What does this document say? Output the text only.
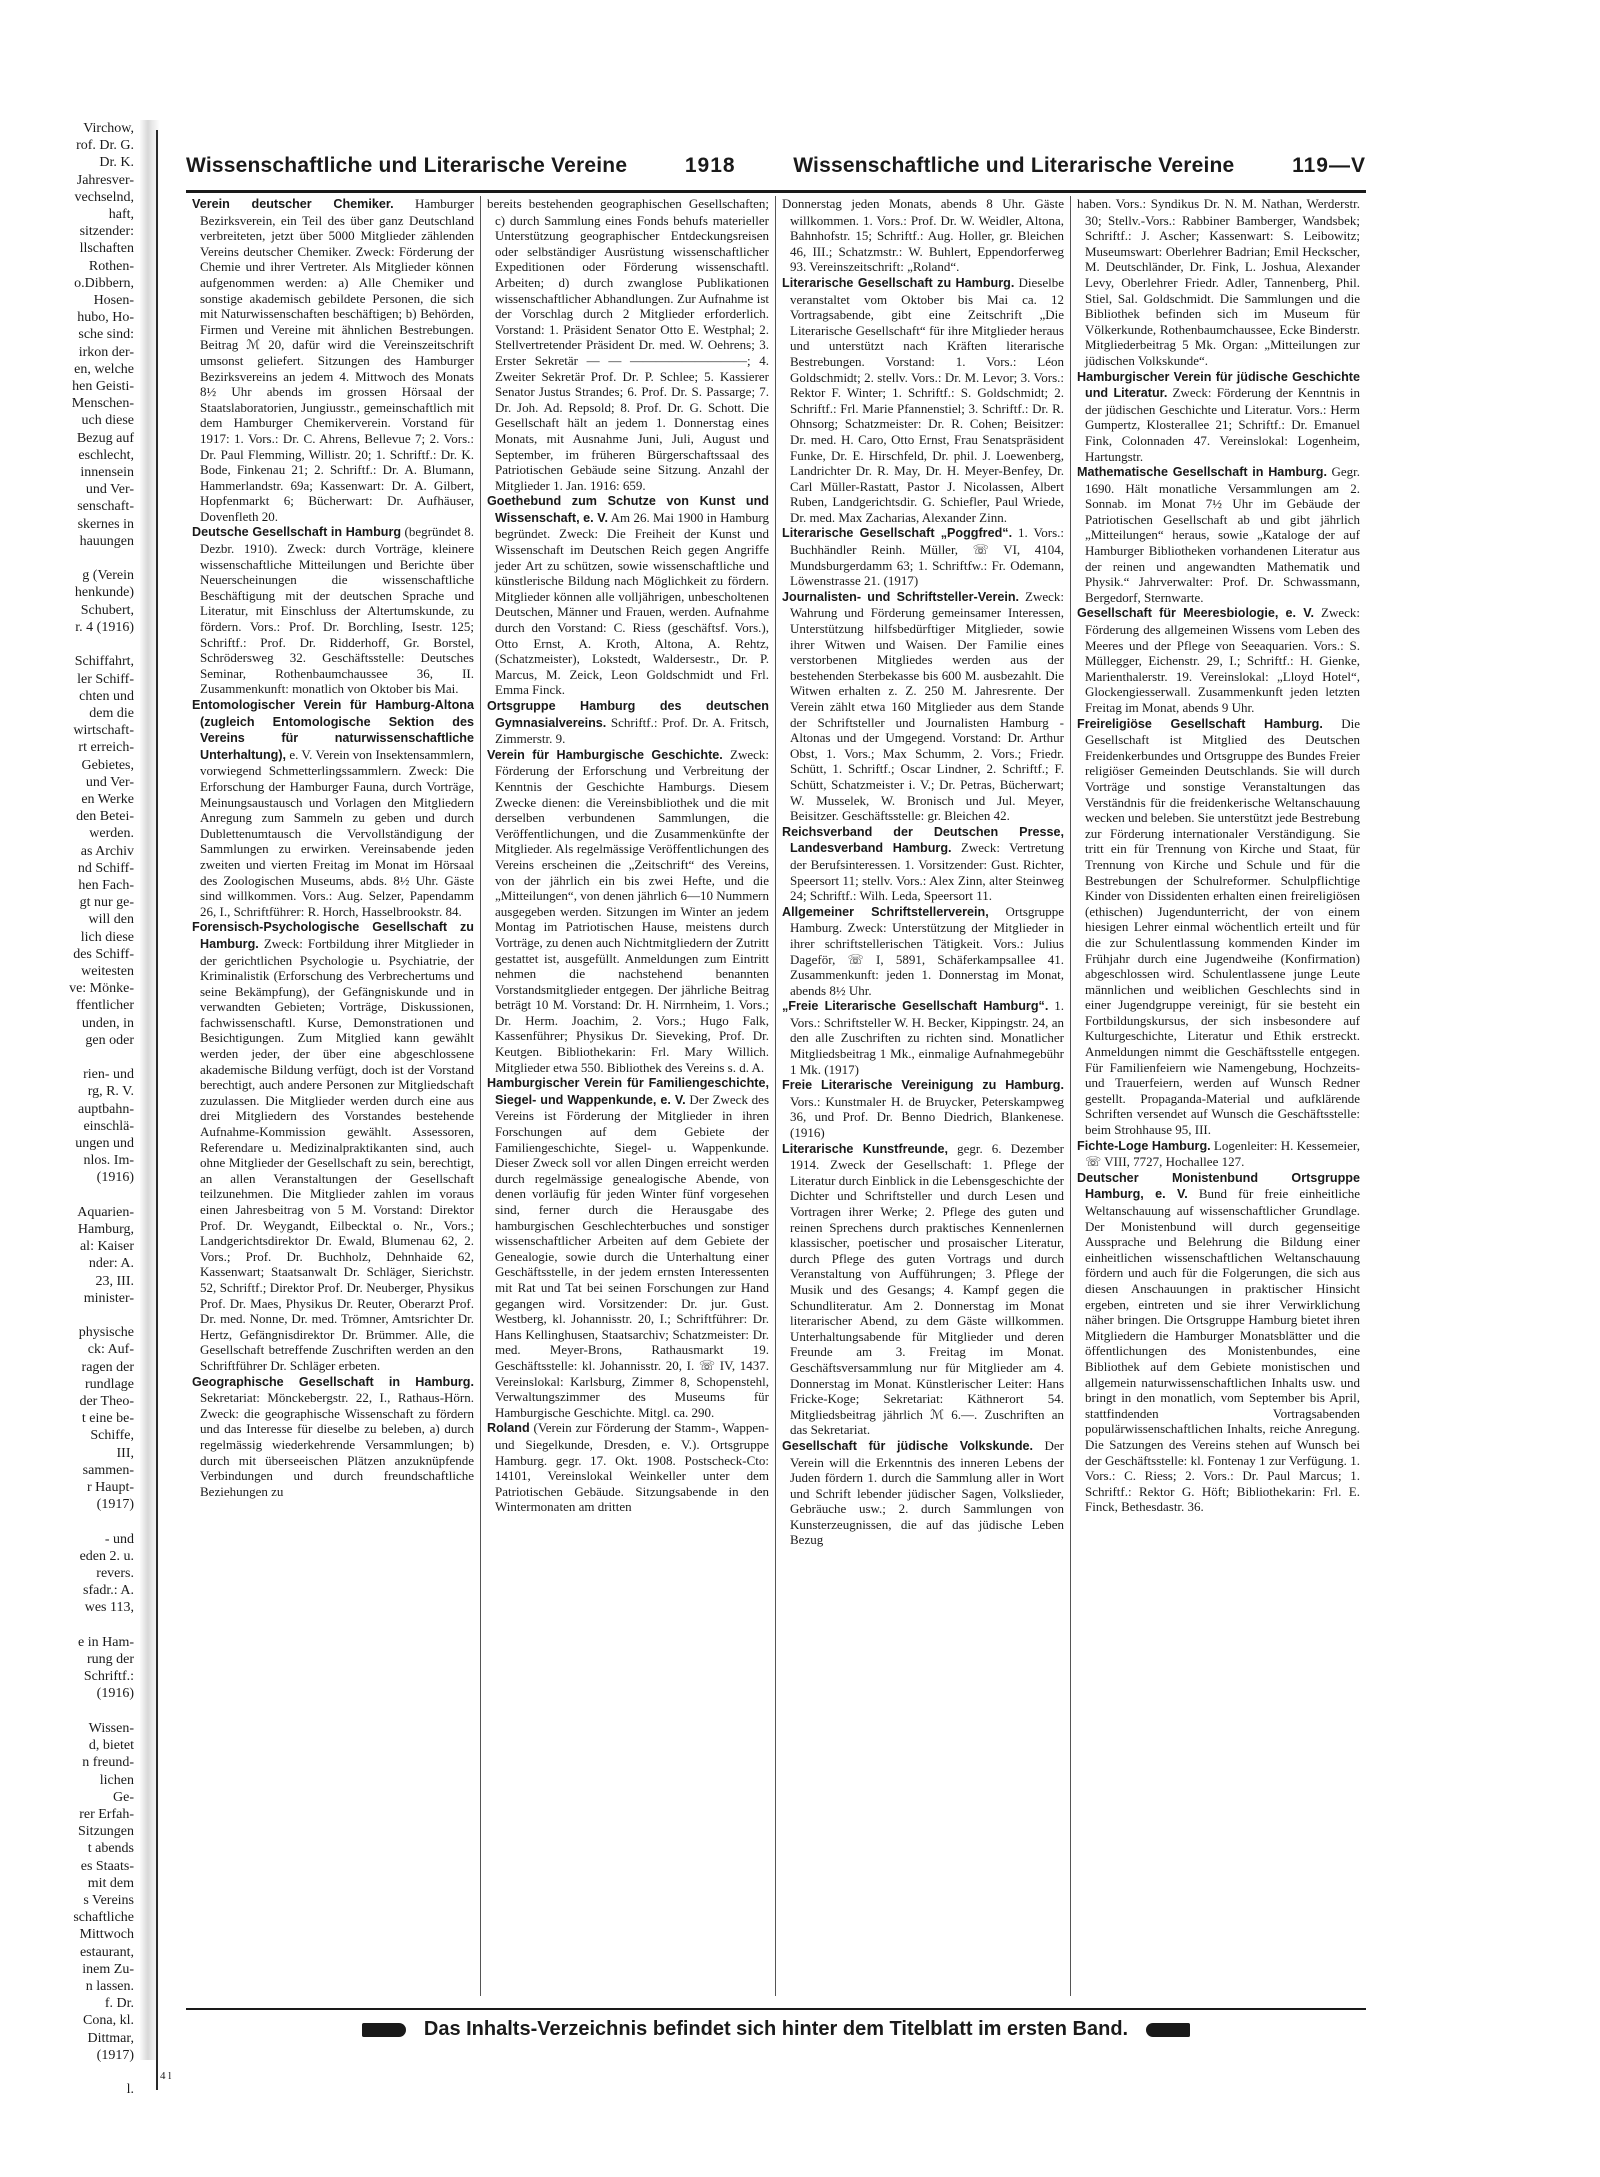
Virchow,
rof. Dr. G.
Dr. K.
Jahresver-
vechselnd,
haft,
sitzender:
llschaften
Rothen-
o.Dibbern,
Hosen-
hubo, Ho-
sche sind:
irkon der-
en, welche
hen Geisti-
Menschen-
uch diese
Bezug auf
eschlecht,
innensein
und Ver-
senschaft-
skernes in
hauungen

g (Verein
henkunde)
Schubert,
r. 4 (1916)

Schiffahrt,
ler Schiff-
chten und
dem die
wirtschaft-
rt erreich-
Gebietes,
und Ver-
en Werke
den Betei-
werden.
as Archiv
nd Schiff-
hen Fach-
gt nur ge-
will den
lich diese
des Schiff-
weitesten
ve: Mönke-
ffentlicher
unden, in
gen oder

rien- und
rg, R. V.
auptbahn-
einschlä-
ungen und
nlos. Im-
(1916)

Aquarien-
Hamburg,
al: Kaiser
nder: A.
23, III.
minister-

physische
ck: Auf-
ragen der
rundlage
der Theo-
t eine be-
Schiffe,
III,
sammen-
r Haupt-
(1917)

- und
eden 2. u.
revers.
sfadr.: A.
wes 113,

e in Ham-
rung der
Schriftf.:
(1916)

Wissen-
d, bietet
n freund-
lichen
Ge-
rer Erfah-
Sitzungen
t abends
es Staats-
mit dem
s Vereins
schaftliche
Mittwoch
estaurant,
inem Zu-
n lassen.
f. Dr.
Cona, kl.
Dittmar,
(1917)

l.
Wissenschaftliche und Literarische Vereine	1918	Wissenschaftliche und Literarische Vereine	119—V

Verein deutscher Chemiker. Hamburger Bezirksverein, ein Teil des über ganz Deutschland verbreiteten, jetzt über 5000 Mitglieder zählenden Vereins deutscher Chemiker. Zweck: Förderung der Chemie und ihrer Vertreter. Als Mitglieder können aufgenommen werden: a) Alle Chemiker und sonstige akademisch gebildete Personen, die sich mit Naturwissenschaften beschäftigen; b) Behörden, Firmen und Vereine mit ähnlichen Bestrebungen. Beitrag ℳ 20, dafür wird die Vereinszeitschrift umsonst geliefert. Sitzungen des Hamburger Bezirksvereins an jedem 4. Mittwoch des Monats 8½ Uhr abends im grossen Hörsaal der Staatslaboratorien, Jungiusstr., gemeinschaftlich mit dem Hamburger Chemikerverein. Vorstand für 1917: 1. Vors.: Dr. C. Ahrens, Bellevue 7; 2. Vors.: Dr. Paul Flemming, Willistr. 20; 1. Schriftf.: Dr. K. Bode, Finkenau 21; 2. Schriftf.: Dr. A. Blumann, Hammerlandstr. 69a; Kassenwart: Dr. A. Gilbert, Hopfenmarkt 6; Bücherwart: Dr. Aufhäuser, Dovenfleth 20.

Deutsche Gesellschaft in Hamburg (begründet 8. Dezbr. 1910). Zweck: durch Vorträge, kleinere wissenschaftliche Mitteilungen und Berichte über Neuerscheinungen die wissenschaftliche Beschäftigung mit der deutschen Sprache und Literatur, mit Einschluss der Altertumskunde, zu fördern. Vors.: Prof. Dr. Borchling, Isestr. 125; Schriftf.: Prof. Dr. Ridderhoff, Gr. Borstel, Schrödersweg 32. Geschäftsstelle: Deutsches Seminar, Rothenbaumchaussee 36, II. Zusammenkunft: monatlich von Oktober bis Mai.

Entomologischer Verein für Hamburg-Altona (zugleich Entomologische Sektion des Vereins für naturwissenschaftliche Unterhaltung), e. V. Verein von Insektensammlern, vorwiegend Schmetterlingssammlern. Zweck: Die Erforschung der Hamburger Fauna, durch Vorträge, Meinungsaustausch und Vorlagen den Mitgliedern Anregung zum Sammeln zu geben und durch Dublettenumtausch die Vervollständigung der Sammlungen zu erwirken. Vereinsabende jeden zweiten und vierten Freitag im Monat im Hörsaal des Zoologischen Museums, abds. 8½ Uhr. Gäste sind willkommen. Vors.: Aug. Selzer, Papendamm 26, I., Schriftführer: R. Horch, Hasselbrookstr. 84.

Forensisch-Psychologische Gesellschaft zu Hamburg. Zweck: Fortbildung ihrer Mitglieder in der gerichtlichen Psychologie u. Psychiatrie, der Kriminalistik (Erforschung des Verbrechertums und seine Bekämpfung), der Gefängniskunde und in verwandten Gebieten; Vorträge, Diskussionen, fachwissenschaftl. Kurse, Demonstrationen und Besichtigungen. Zum Mitglied kann gewählt werden jeder, der über eine abgeschlossene akademische Bildung verfügt, doch ist der Vorstand berechtigt, auch andere Personen zur Mitgliedschaft zuzulassen. Die Mitglieder werden durch eine aus drei Mitgliedern des Vorstandes bestehende Aufnahme-Kommission gewählt. Assessoren, Referendare u. Medizinalpraktikanten sind, auch ohne Mitglieder der Gesellschaft zu sein, berechtigt, an allen Veranstaltungen der Gesellschaft teilzunehmen. Die Mitglieder zahlen im voraus einen Jahresbeitrag von 5 M. Vorstand: Direktor Prof. Dr. Weygandt, Eilbecktal o. Nr., Vors.; Landgerichtsdirektor Dr. Ewald, Blumenau 62, 2. Vors.; Prof. Dr. Buchholz, Dehnhaide 62, Kassenwart; Staatsanwalt Dr. Schläger, Sierichstr. 52, Schriftf.; Direktor Prof. Dr. Neuberger, Physikus Prof. Dr. Maes, Physikus Dr. Reuter, Oberarzt Prof. Dr. med. Nonne, Dr. med. Trömner, Amtsrichter Dr. Hertz, Gefängnisdirektor Dr. Brümmer. Alle, die Gesellschaft betreffende Zuschriften werden an den Schriftführer Dr. Schläger erbeten.

Geographische Gesellschaft in Hamburg. Sekretariat: Mönckebergstr. 22, I., Rathaus-Hörn. Zweck: die geographische Wissenschaft zu fördern und das Interesse für dieselbe zu beleben, a) durch regelmässig wiederkehrende Versammlungen; b) durch mit überseeischen Plätzen anzuknüpfende Verbindungen und durch freundschaftliche Beziehungen zu

bereits bestehenden geographischen Gesellschaften; c) durch Sammlung eines Fonds behufs materieller Unterstützung geographischer Entdeckungsreisen oder selbständiger Ausrüstung wissenschaftlicher Expeditionen oder Förderung wissenschaftl. Arbeiten; d) durch zwanglose Publikationen wissenschaftlicher Abhandlungen. Zur Aufnahme ist der Vorschlag durch 2 Mitglieder erforderlich. Vorstand: 1. Präsident Senator Otto E. Westphal; 2. Stellvertretender Präsident Dr. med. W. Oehrens; 3. Erster Sekretär — — —————————; 4. Zweiter Sekretär Prof. Dr. P. Schlee; 5. Kassierer Senator Justus Strandes; 6. Prof. Dr. S. Passarge; 7. Dr. Joh. Ad. Repsold; 8. Prof. Dr. G. Schott. Die Gesellschaft hält an jedem 1. Donnerstag eines Monats, mit Ausnahme Juni, Juli, August und September, im früheren Bürgerschaftssaal des Patriotischen Gebäude seine Sitzung. Anzahl der Mitglieder 1. Jan. 1916: 659.

Goethebund zum Schutze von Kunst und Wissenschaft, e. V. Am 26. Mai 1900 in Hamburg begründet. Zweck: Die Freiheit der Kunst und Wissenschaft im Deutschen Reich gegen Angriffe jeder Art zu schützen, sowie wissenschaftliche und künstlerische Bildung nach Möglichkeit zu fördern. Mitglieder können alle volljährigen, unbescholtenen Deutschen, Männer und Frauen, werden. Aufnahme durch den Vorstand: C. Riess (geschäftsf. Vors.), Otto Ernst, A. Kroth, Altona, A. Rehtz, (Schatzmeister), Lokstedt, Waldersestr., Dr. P. Marcus, M. Zeick, Leon Goldschmidt und Frl. Emma Finck.

Ortsgruppe Hamburg des deutschen Gymnasialvereins. Schriftf.: Prof. Dr. A. Fritsch, Zimmerstr. 9.

Verein für Hamburgische Geschichte. Zweck: Förderung der Erforschung und Verbreitung der Kenntnis der Geschichte Hamburgs. Diesem Zwecke dienen: die Vereinsbibliothek und die mit derselben verbundenen Sammlungen, die Veröffentlichungen, und die Zusammenkünfte der Mitglieder. Als regelmässige Veröffentlichungen des Vereins erscheinen die „Zeitschrift“ des Vereins, von der jährlich ein bis zwei Hefte, und die „Mitteilungen“, von denen jährlich 6—10 Nummern ausgegeben werden. Sitzungen im Winter an jedem Montag im Patriotischen Hause, meistens durch Vorträge, zu denen auch Nichtmitgliedern der Zutritt gestattet ist, ausgefüllt. Anmeldungen zum Eintritt nehmen die nachstehend benannten Vorstandsmitglieder entgegen. Der jährliche Beitrag beträgt 10 M. Vorstand: Dr. H. Nirrnheim, 1. Vors.; Dr. Herm. Joachim, 2. Vors.; Hugo Falk, Kassenführer; Physikus Dr. Sieveking, Prof. Dr. Keutgen. Bibliothekarin: Frl. Mary Willich. Mitglieder etwa 550. Bibliothek des Vereins s. d. A.

Hamburgischer Verein für Familiengeschichte, Siegel- und Wappenkunde, e. V. Der Zweck des Vereins ist Förderung der Mitglieder in ihren Forschungen auf dem Gebiete der Familiengeschichte, Siegel- u. Wappenkunde. Dieser Zweck soll vor allen Dingen erreicht werden durch regelmässige genealogische Abende, von denen vorläufig für jeden Winter fünf vorgesehen sind, ferner durch die Herausgabe des hamburgischen Geschlechterbuches und sonstiger wissenschaftlicher Arbeiten auf dem Gebiete der Genealogie, sowie durch die Unterhaltung einer Geschäftsstelle, in der jedem ernsten Interessenten mit Rat und Tat bei seinen Forschungen zur Hand gegangen wird. Vorsitzender: Dr. jur. Gust. Westberg, kl. Johannisstr. 20, I.; Schriftführer: Dr. Hans Kellinghusen, Staatsarchiv; Schatzmeister: Dr. med. Meyer-Brons, Rathausmarkt 19. Geschäftsstelle: kl. Johannisstr. 20, I. ☏ IV, 1437. Vereinslokal: Karlsburg, Zimmer 8, Schopenstehl, Verwaltungszimmer des Museums für Hamburgische Geschichte. Mitgl. ca. 290.

Roland (Verein zur Förderung der Stamm-, Wappen- und Siegelkunde, Dresden, e. V.). Ortsgruppe Hamburg. gegr. 17. Okt. 1908. Postscheck-Cto: 14101, Vereinslokal Weinkeller unter dem Patriotischen Gebäude. Sitzungsabende in den Wintermonaten am dritten

Donnerstag jeden Monats, abends 8 Uhr. Gäste willkommen. 1. Vors.: Prof. Dr. W. Weidler, Altona, Bahnhofstr. 15; Schriftf.: Aug. Holler, gr. Bleichen 46, III.; Schatzmstr.: W. Buhlert, Eppendorferweg 93. Vereinszeitschrift: „Roland“.

Literarische Gesellschaft zu Hamburg. Dieselbe veranstaltet vom Oktober bis Mai ca. 12 Vortragsabende, gibt eine Zeitschrift „Die Literarische Gesellschaft“ für ihre Mitglieder heraus und unterstützt nach Kräften literarische Bestrebungen. Vorstand: 1. Vors.: Léon Goldschmidt; 2. stellv. Vors.: Dr. M. Levor; 3. Vors.: Rektor F. Winter; 1. Schriftf.: S. Goldschmidt; 2. Schriftf.: Frl. Marie Pfannenstiel; 3. Schriftf.: Dr. R. Ohnsorg; Schatzmeister: Dr. R. Cohen; Beisitzer: Dr. med. H. Caro, Otto Ernst, Frau Senatspräsident Funke, Dr. E. Hirschfeld, Dr. phil. J. Loewenberg, Landrichter Dr. R. May, Dr. H. Meyer-Benfey, Dr. Carl Müller-Rastatt, Pastor J. Nicolassen, Albert Ruben, Landgerichtsdir. G. Schiefler, Paul Wriede, Dr. med. Max Zacharias, Alexander Zinn.

Literarische Gesellschaft „Poggfred“. 1. Vors.: Buchhändler Reinh. Müller, ☏ VI, 4104, Mundsburgerdamm 63; 1. Schriftfw.: Fr. Odemann, Löwenstrasse 21. (1917)

Journalisten- und Schriftsteller-Verein. Zweck: Wahrung und Förderung gemeinsamer Interessen, Unterstützung hilfsbedürftiger Mitglieder, sowie ihrer Witwen und Waisen. Der Familie eines verstorbenen Mitgliedes werden aus der bestehenden Sterbekasse bis 600 M. ausbezahlt. Die Witwen erhalten z. Z. 250 M. Jahresrente. Der Verein zählt etwa 160 Mitglieder aus dem Stande der Schriftsteller und Journalisten Hamburg - Altonas und der Umgegend. Vorstand: Dr. Arthur Obst, 1. Vors.; Max Schumm, 2. Vors.; Friedr. Schütt, 1. Schriftf.; Oscar Lindner, 2. Schriftf.; F. Schütt, Schatzmeister i. V.; Dr. Petras, Bücherwart; W. Musselek, W. Bronisch und Jul. Meyer, Beisitzer. Geschäftsstelle: gr. Bleichen 42.

Reichsverband der Deutschen Presse, Landesverband Hamburg. Zweck: Vertretung der Berufsinteressen. 1. Vorsitzender: Gust. Richter, Speersort 11; stellv. Vors.: Alex Zinn, alter Steinweg 24; Schriftf.: Wilh. Leda, Speersort 11.

Allgemeiner Schriftstellerverein, Ortsgruppe Hamburg. Zweck: Unterstützung der Mitglieder in ihrer schriftstellerischen Tätigkeit. Vors.: Julius Dageför, ☏ I, 5891, Schäferkampsallee 41. Zusammenkunft: jeden 1. Donnerstag im Monat, abends 8½ Uhr.

„Freie Literarische Gesellschaft Hamburg“. 1. Vors.: Schriftsteller W. H. Becker, Kippingstr. 24, an den alle Zuschriften zu richten sind. Monatlicher Mitgliedsbeitrag 1 Mk., einmalige Aufnahmegebühr 1 Mk. (1917)

Freie Literarische Vereinigung zu Hamburg. Vors.: Kunstmaler H. de Bruycker, Peterskampweg 36, und Prof. Dr. Benno Diedrich, Blankenese. (1916)

Literarische Kunstfreunde, gegr. 6. Dezember 1914. Zweck der Gesellschaft: 1. Pflege der Literatur durch Einblick in die Lebensgeschichte der Dichter und Schriftsteller und durch Lesen und Vortragen ihrer Werke; 2. Pflege des guten und reinen Sprechens durch praktisches Kennenlernen klassischer, poetischer und prosaischer Literatur, durch Pflege des guten Vortrags und durch Veranstaltung von Aufführungen; 3. Pflege der Musik und des Gesangs; 4. Kampf gegen die Schundliteratur. Am 2. Donnerstag im Monat literarischer Abend, zu dem Gäste willkommen. Unterhaltungsabende für Mitglieder und deren Freunde am 3. Freitag im Monat. Geschäftsversammlung nur für Mitglieder am 4. Donnerstag im Monat. Künstlerischer Leiter: Hans Fricke-Koge; Sekretariat: Käthnerort 54. Mitgliedsbeitrag jährlich ℳ 6.—. Zuschriften an das Sekretariat.

Gesellschaft für jüdische Volkskunde. Der Verein will die Erkenntnis des inneren Lebens der Juden fördern 1. durch die Sammlung aller in Wort und Schrift lebender jüdischer Sagen, Volkslieder, Gebräuche usw.; 2. durch Sammlungen von Kunsterzeugnissen, die auf das jüdische Leben Bezug

haben. Vors.: Syndikus Dr. N. M. Nathan, Werderstr. 30; Stellv.-Vors.: Rabbiner Bamberger, Wandsbek; Schriftf.: J. Ascher; Kassenwart: S. Leibowitz; Museumswart: Oberlehrer Badrian; Emil Heckscher, M. Deutschländer, Dr. Fink, L. Joshua, Alexander Levy, Oberlehrer Friedr. Adler, Tannenberg, Phil. Stiel, Sal. Goldschmidt. Die Sammlungen und die Bibliothek befinden sich im Museum für Völkerkunde, Rothenbaumchaussee, Ecke Binderstr. Mitgliederbeitrag 5 Mk. Organ: „Mitteilungen zur jüdischen Volkskunde“.

Hamburgischer Verein für jüdische Geschichte und Literatur. Zweck: Förderung der Kenntnis in der jüdischen Geschichte und Literatur. Vors.: Herm Gumpertz, Klosterallee 21; Schriftf.: Dr. Emanuel Fink, Colonnaden 47. Vereinslokal: Logenheim, Hartungstr.

Mathematische Gesellschaft in Hamburg. Gegr. 1690. Hält monatliche Versammlungen am 2. Sonnab. im Monat 7½ Uhr im Gebäude der Patriotischen Gesellschaft ab und gibt jährlich „Mitteilungen“ heraus, sowie „Kataloge der auf Hamburger Bibliotheken vorhandenen Literatur aus der reinen und angewandten Mathematik und Physik.“ Jahrverwalter: Prof. Dr. Schwassmann, Bergedorf, Sternwarte.

Gesellschaft für Meeresbiologie, e. V. Zweck: Förderung des allgemeinen Wissens vom Leben des Meeres und der Pflege von Seeaquarien. Vors.: S. Müllegger, Eichenstr. 29, I.; Schriftf.: H. Gienke, Marienthalerstr. 19. Vereinslokal: „Lloyd Hotel“, Glockengiesserwall. Zusammenkunft jeden letzten Freitag im Monat, abends 9 Uhr.

Freireligiöse Gesellschaft Hamburg. Die Gesellschaft ist Mitglied des Deutschen Freidenkerbundes und Ortsgruppe des Bundes Freier religiöser Gemeinden Deutschlands. Sie will durch Vorträge und sonstige Veranstaltungen das Verständnis für die freidenkerische Weltanschauung wecken und beleben. Sie unterstützt jede Bestrebung zur Förderung internationaler Verständigung. Sie tritt ein für Trennung von Kirche und Staat, für Trennung von Kirche und Schule und für die Bestrebungen der Schulreformer. Schulpflichtige Kinder von Dissidenten erhalten einen freireligiösen (ethischen) Jugendunterricht, der von einem hiesigen Lehrer einmal wöchentlich erteilt und für die zur Schulentlassung kommenden Kinder im Frühjahr durch eine Jugendweihe (Konfirmation) abgeschlossen wird. Schulentlassene junge Leute männlichen und weiblichen Geschlechts sind in einer Jugendgruppe vereinigt, für sie besteht ein Fortbildungskursus, der sich insbesondere auf Kulturgeschichte, Literatur und Ethik erstreckt. Anmeldungen nimmt die Geschäftsstelle entgegen. Für Familienfeiern wie Namengebung, Hochzeits- und Trauerfeiern, werden auf Wunsch Redner gestellt. Propaganda-Material und aufklärende Schriften versendet auf Wunsch die Geschäftsstelle: beim Strohhause 95, III.

Fichte-Loge Hamburg. Logenleiter: H. Kessemeier, ☏ VIII, 7727, Hochallee 127.

Deutscher Monistenbund Ortsgruppe Hamburg, e. V. Bund für freie einheitliche Weltanschauung auf wissenschaftlicher Grundlage. Der Monistenbund will durch gegenseitige Aussprache und Belehrung die Bildung einer einheitlichen wissenschaftlichen Weltanschauung fördern und auch für die Folgerungen, die sich aus diesen Anschauungen in praktischer Hinsicht ergeben, eintreten und sie ihrer Verwirklichung näher bringen. Die Ortsgruppe Hamburg bietet ihren Mitgliedern die Hamburger Monatsblätter und die öffentlichungen des Monistenbundes, eine Bibliothek auf dem Gebiete monistischen und allgemein naturwissenschaftlichen Inhalts usw. und bringt in den monatlich, vom September bis April, stattfindenden Vortragsabenden populärwissenschaftlichen Inhalts, reiche Anregung. Die Satzungen des Vereins stehen auf Wunsch bei der Geschäftsstelle: kl. Fontenay 1 zur Verfügung. 1. Vors.: C. Riess; 2. Vors.: Dr. Paul Marcus; 1. Schriftf.: Rektor G. Höft; Bibliothekarin: Frl. E. Finck, Bethesdastr. 36.

Das Inhalts-Verzeichnis befindet sich hinter dem Titelblatt im ersten Band.
4 l
